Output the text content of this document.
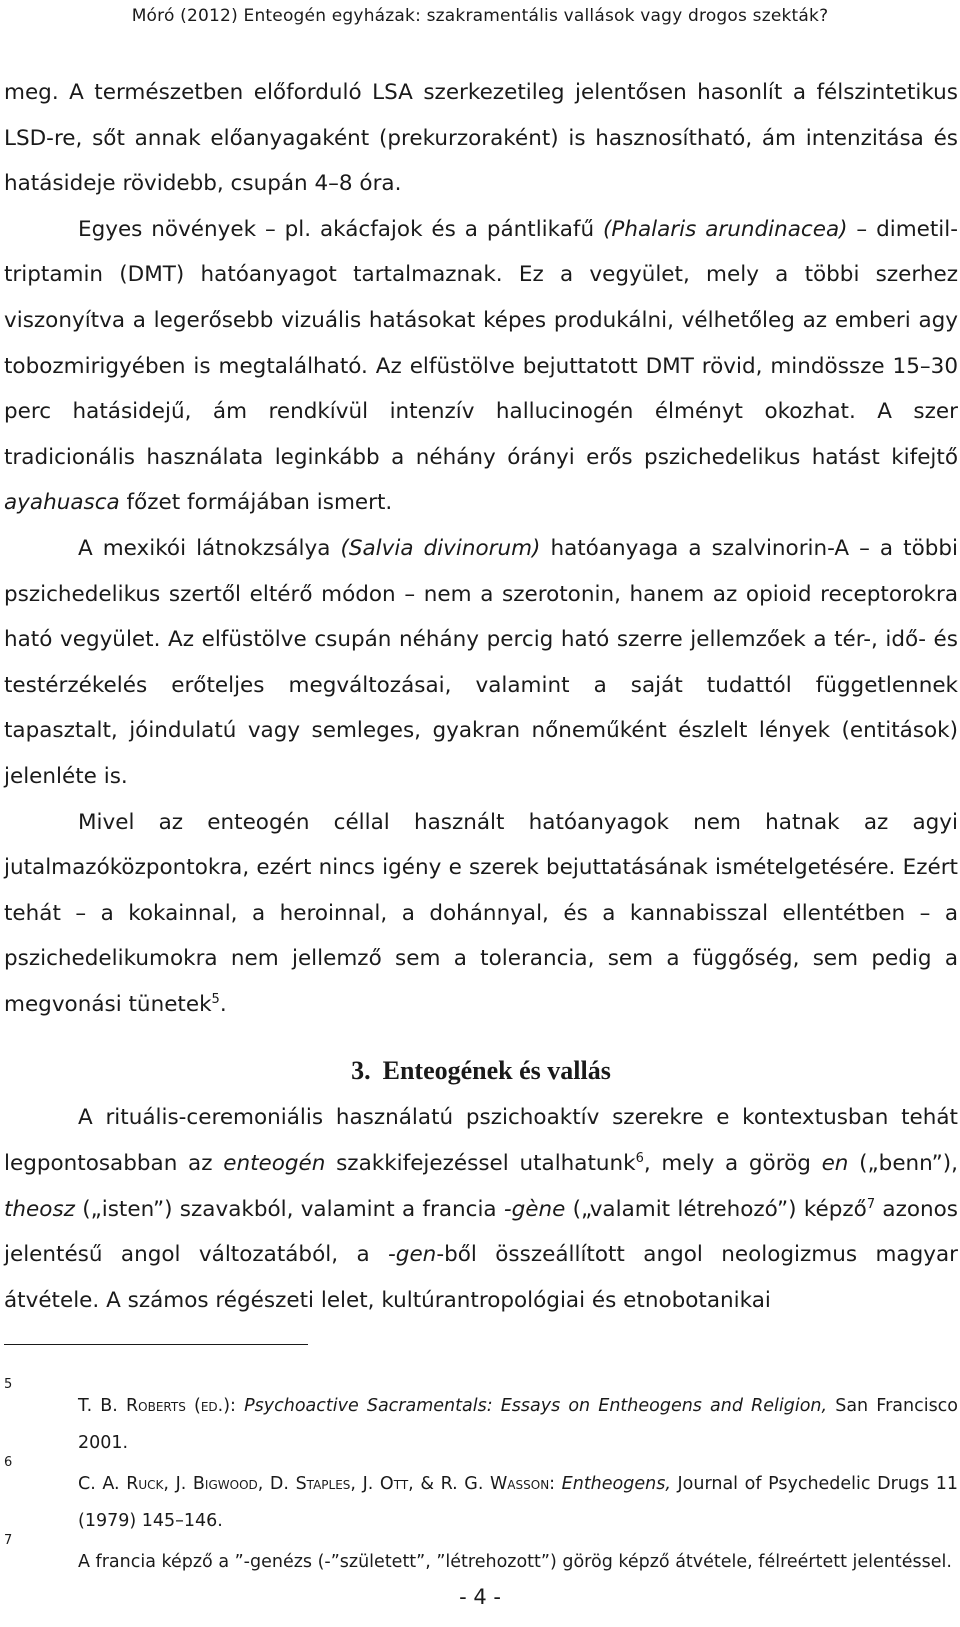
Móró (2012) Enteogén egyházak: szakramentális vallások vagy drogos szekták?

meg. A természetben előforduló LSA szerkezetileg jelentősen hasonlít a félszintetikus LSD-re, sőt annak előanyagaként (prekurzoraként) is hasznosítható, ám intenzitása és hatásideje rövidebb, csupán 4–8 óra.

Egyes növények – pl. akácfajok és a pántlikafű (Phalaris arundinacea) – dimetil-triptamin (DMT) hatóanyagot tartalmaznak. Ez a vegyület, mely a többi szerhez viszonyítva a legerősebb vizuális hatásokat képes produkálni, vélhetőleg az emberi agy tobozmirigyében is megtalálható. Az elfüstölve bejuttatott DMT rövid, mindössze 15–30 perc hatásidejű, ám rendkívül intenzív hallucinogén élményt okozhat. A szer tradicionális használata leginkább a néhány órányi erős pszichedelikus hatást kifejtő ayahuasca főzet formájában ismert.

A mexikói látnokzsálya (Salvia divinorum) hatóanyaga a szalvinorin-A – a többi pszichedelikus szertől eltérő módon – nem a szerotonin, hanem az opioid receptorokra ható vegyület. Az elfüstölve csupán néhány percig ható szerre jellemzőek a tér-, idő- és testérzékelés erőteljes megváltozásai, valamint a saját tudattól függetlennek tapasztalt, jóindulatú vagy semleges, gyakran nőneműként észlelt lények (entitások) jelenléte is.

Mivel az enteogén céllal használt hatóanyagok nem hatnak az agyi jutalmazóközpontokra, ezért nincs igény e szerek bejuttatásának ismételgetésére. Ezért tehát – a kokainnal, a heroinnal, a dohánnyal, és a kannabisszal ellentétben – a pszichedelikumokra nem jellemző sem a tolerancia, sem a függőség, sem pedig a megvonási tünetek$^5$.

3. Enteogének és vallás

A rituális-ceremoniális használatú pszichoaktív szerekre e kontextusban tehát legpontosabban az enteogén szakkifejezéssel utalhatunk$^6$, mely a görög en („benn”), theosz („isten”) szavakból, valamint a francia -gène („valamit létrehozó”) képző$^7$ azonos jelentésű angol változatából, a -gen-ből összeállított angol neologizmus magyar átvétele. A számos régészeti lelet, kultúrantropológiai és etnobotanikai

5
T. B. Roberts (ed.): Psychoactive Sacramentals: Essays on Entheogens and Religion, San Francisco 2001.
6
C. A. Ruck, J. Bigwood, D. Staples, J. Ott, & R. G. Wasson: Entheogens, Journal of Psychedelic Drugs 11 (1979) 145–146.
7
A francia képző a ”-genézs (-”született”, ”létrehozott”) görög képző átvétele, félreértett jelentéssel.
- 4 -
